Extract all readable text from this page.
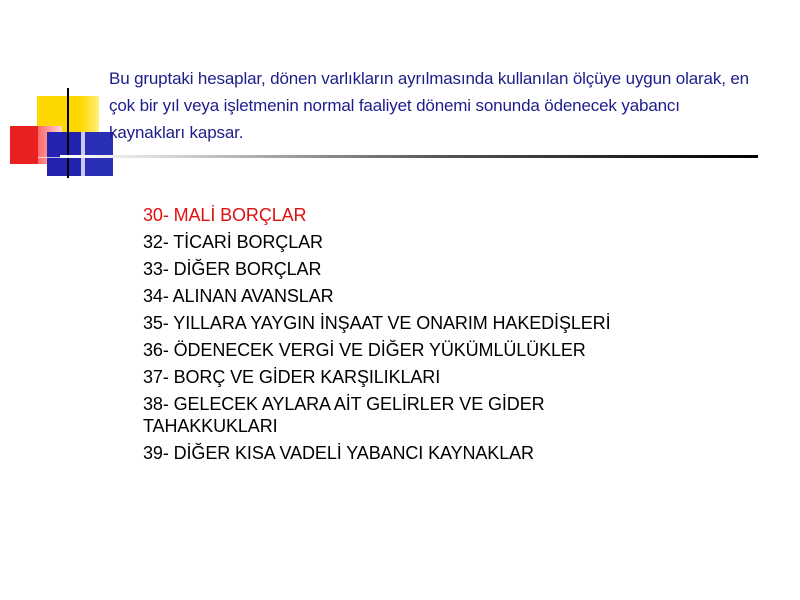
Bu gruptaki hesaplar, dönen varlıkların ayrılmasında kullanılan ölçüye uygun olarak, en çok bir yıl veya işletmenin normal faaliyet dönemi sonunda ödenecek yabancı kaynakları kapsar.
30- MALİ BORÇLAR
32- TİCARİ BORÇLAR
33- DİĞER BORÇLAR
34- ALINAN AVANSLAR
35- YILLARA YAYGIN İNŞAAT VE ONARIM HAKEDİŞLERİ
36- ÖDENECEK VERGİ VE DİĞER YÜKÜMLÜLÜKLER
37- BORÇ VE GİDER KARŞILIKLARI
38- GELECEK AYLARA AİT GELİRLER VE GİDER TAHAKKUKLARI
39- DİĞER KISA VADELİ YABANCI KAYNAKLAR
